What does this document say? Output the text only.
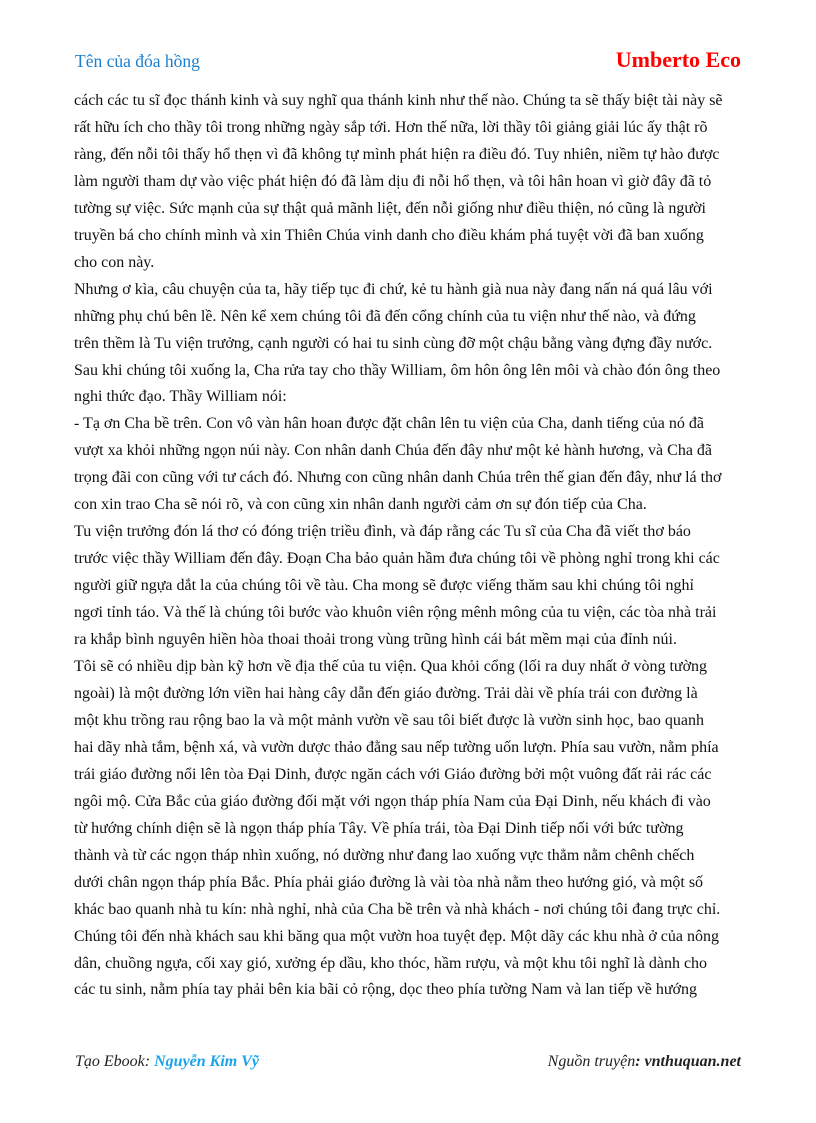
Tên của đóa hồng	Umberto Eco
cách các tu sĩ đọc thánh kinh và suy nghĩ qua thánh kinh như thế nào. Chúng ta sẽ thấy biệt tài này sẽ
rất hữu ích cho thầy tôi trong những ngày sắp tới. Hơn thế nữa, lời thầy tôi giảng giải lúc ấy thật rõ
ràng, đến nỗi tôi thấy hổ thẹn vì đã không tự mình phát hiện ra điều đó. Tuy nhiên, niềm tự hào được
làm người tham dự vào việc phát hiện đó đã làm dịu đi nỗi hổ thẹn, và tôi hân hoan vì giờ đây đã tỏ
tường sự việc. Sức mạnh của sự thật quả mãnh liệt, đến nỗi giống như điều thiện, nó cũng là người
truyền bá cho chính mình và xin Thiên Chúa vinh danh cho điều khám phá tuyệt vời đã ban xuống
cho con này.
Nhưng ơ kìa, câu chuyện của ta, hãy tiếp tục đi chứ, kẻ tu hành già nua này đang nấn ná quá lâu với
những phụ chú bên lề. Nên kể xem chúng tôi đã đến cổng chính của tu viện như thế nào, và đứng
trên thềm là Tu viện trưởng, cạnh người có hai tu sinh cùng đỡ một chậu bằng vàng đựng đầy nước.
Sau khi chúng tôi xuống la, Cha rửa tay cho thầy William, ôm hôn ông lên môi và chào đón ông theo
nghi thức đạo. Thầy William nói:
- Tạ ơn Cha bề trên. Con vô vàn hân hoan được đặt chân lên tu viện của Cha, danh tiếng của nó đã
vượt xa khỏi những ngọn núi này. Con nhân danh Chúa đến đây như một kẻ hành hương, và Cha đã
trọng đãi con cũng với tư cách đó. Nhưng con cũng nhân danh Chúa trên thế gian đến đây, như lá thơ
con xin trao Cha sẽ nói rõ, và con cũng xin nhân danh người cảm ơn sự đón tiếp của Cha.
Tu viện trưởng đón lá thơ có đóng triện triều đình, và đáp rằng các Tu sĩ của Cha đã viết thơ báo
trước việc thầy William đến đây. Đoạn Cha bảo quản hầm đưa chúng tôi về phòng nghỉ trong khi các
người giữ ngựa dắt la của chúng tôi về tàu. Cha mong sẽ được viếng thăm sau khi chúng tôi nghỉ
ngơi tỉnh táo. Và thế là chúng tôi bước vào khuôn viên rộng mênh mông của tu viện, các tòa nhà trải
ra khắp bình nguyên hiền hòa thoai thoải trong vùng trũng hình cái bát mềm mại của đỉnh núi.
Tôi sẽ có nhiều dịp bàn kỹ hơn về địa thế của tu viện. Qua khỏi cổng (lối ra duy nhất ở vòng tường
ngoài) là một đường lớn viền hai hàng cây dẫn đến giáo đường. Trải dài về phía trái con đường là
một khu trồng rau rộng bao la và một mảnh vườn về sau tôi biết được là vườn sinh học, bao quanh
hai dãy nhà tắm, bệnh xá, và vườn dược thảo đằng sau nếp tường uốn lượn. Phía sau vườn, nằm phía
trái giáo đường nổi lên tòa Đại Dinh, được ngăn cách với Giáo đường bởi một vuông đất rải rác các
ngôi mộ. Cửa Bắc của giáo đường đối mặt với ngọn tháp phía Nam của Đại Dinh, nếu khách đi vào
từ hướng chính diện sẽ là ngọn tháp phía Tây. Về phía trái, tòa Đại Dinh tiếp nối với bức tường
thành và từ các ngọn tháp nhìn xuống, nó dường như đang lao xuống vực thẳm nằm chênh chếch
dưới chân ngọn tháp phía Bắc. Phía phải giáo đường là vài tòa nhà nằm theo hướng gió, và một số
khác bao quanh nhà tu kín: nhà nghỉ, nhà của Cha bề trên và nhà khách - nơi chúng tôi đang trực chỉ.
Chúng tôi đến nhà khách sau khi băng qua một vườn hoa tuyệt đẹp. Một dãy các khu nhà ở của nông
dân, chuồng ngựa, cối xay gió, xưởng ép dầu, kho thóc, hầm rượu, và một khu tôi nghĩ là dành cho
các tu sinh, nằm phía tay phải bên kia bãi cỏ rộng, dọc theo phía tường Nam và lan tiếp về hướng
Tạo Ebook: Nguyễn Kim Vỹ	Nguồn truyện: vnthuquan.net
